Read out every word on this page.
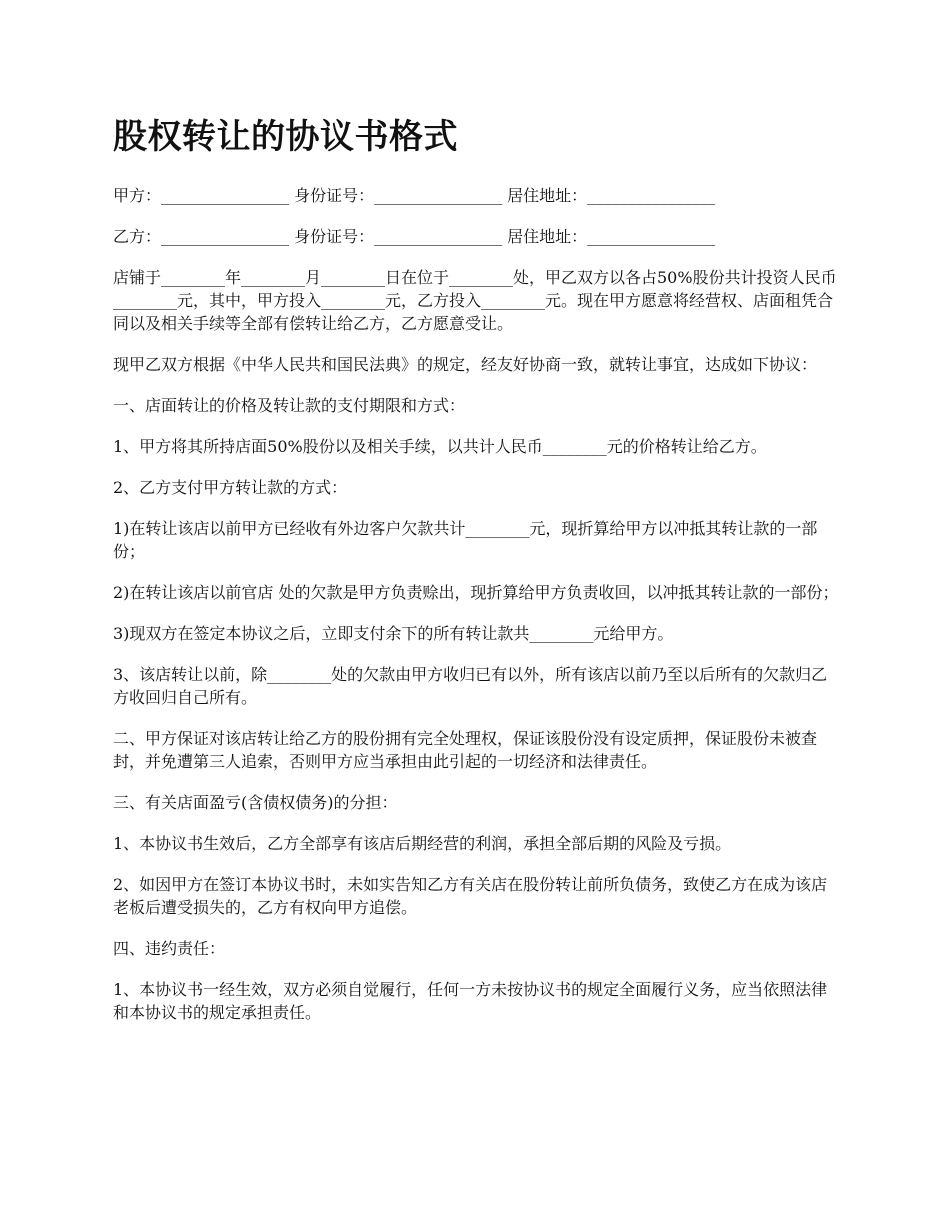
股权转让的协议书格式

甲方：________________ 身份证号：________________ 居住地址：________________

乙方：________________ 身份证号：________________ 居住地址：________________

店铺于________年________月________日在位于________处，甲乙双方以各占50%股份共计投资人民币________元，其中，甲方投入________元，乙方投入________元。现在甲方愿意将经营权、店面租凭合同以及相关手续等全部有偿转让给乙方，乙方愿意受让。

现甲乙双方根据《中华人民共和国民法典》的规定，经友好协商一致，就转让事宜，达成如下协议：

一、店面转让的价格及转让款的支付期限和方式：

1、甲方将其所持店面50%股份以及相关手续，以共计人民币________元的价格转让给乙方。

2、乙方支付甲方转让款的方式：

1)在转让该店以前甲方已经收有外边客户欠款共计________元，现折算给甲方以冲抵其转让款的一部份；

2)在转让该店以前官店 处的欠款是甲方负责赊出，现折算给甲方负责收回，以冲抵其转让款的一部份；

3)现双方在签定本协议之后，立即支付余下的所有转让款共________元给甲方。

3、该店转让以前，除________处的欠款由甲方收归已有以外，所有该店以前乃至以后所有的欠款归乙方收回归自己所有。

二、甲方保证对该店转让给乙方的股份拥有完全处理权，保证该股份没有设定质押，保证股份未被查封，并免遭第三人追索，否则甲方应当承担由此引起的一切经济和法律责任。

三、有关店面盈亏(含债权债务)的分担：

1、本协议书生效后，乙方全部享有该店后期经营的利润，承担全部后期的风险及亏损。

2、如因甲方在签订本协议书时，未如实告知乙方有关店在股份转让前所负债务，致使乙方在成为该店老板后遭受损失的，乙方有权向甲方追偿。

四、违约责任：

1、本协议书一经生效，双方必须自觉履行，任何一方未按协议书的规定全面履行义务，应当依照法律和本协议书的规定承担责任。
